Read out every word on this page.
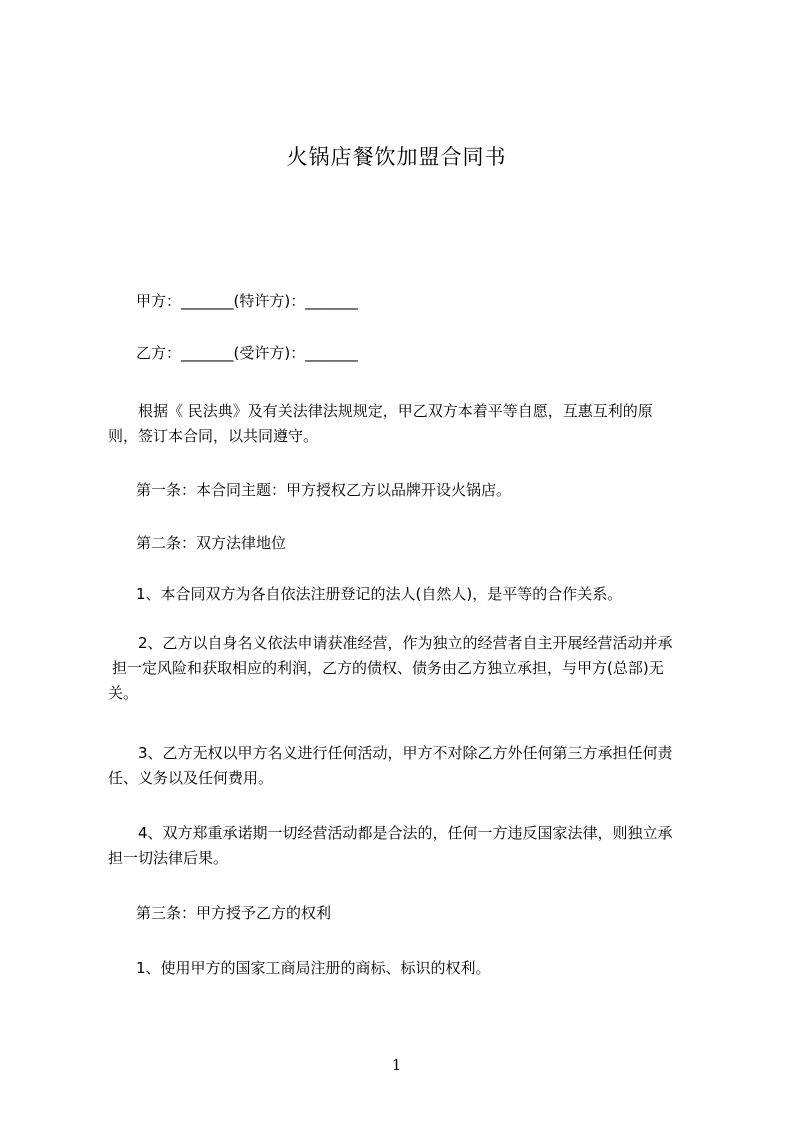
火锅店餐饮加盟合同书
甲方：_______(特许方)：_______
乙方：_______(受许方)：_______
根据《 民法典》及有关法律法规规定，甲乙双方本着平等自愿，互惠互利的原
则，签订本合同，以共同遵守。
第一条：本合同主题：甲方授权乙方以品牌开设火锅店。
第二条：双方法律地位
1、本合同双方为各自依法注册登记的法人(自然人)，是平等的合作关系。
2、乙方以自身名义依法申请获准经营，作为独立的经营者自主开展经营活动并承
担一定风险和获取相应的利润，乙方的债权、债务由乙方独立承担，与甲方(总部)无
关。
3、乙方无权以甲方名义进行任何活动，甲方不对除乙方外任何第三方承担任何责
任、义务以及任何费用。
4、双方郑重承诺期一切经营活动都是合法的，任何一方违反国家法律，则独立承
担一切法律后果。
第三条：甲方授予乙方的权利
1、使用甲方的国家工商局注册的商标、标识的权利。
1
